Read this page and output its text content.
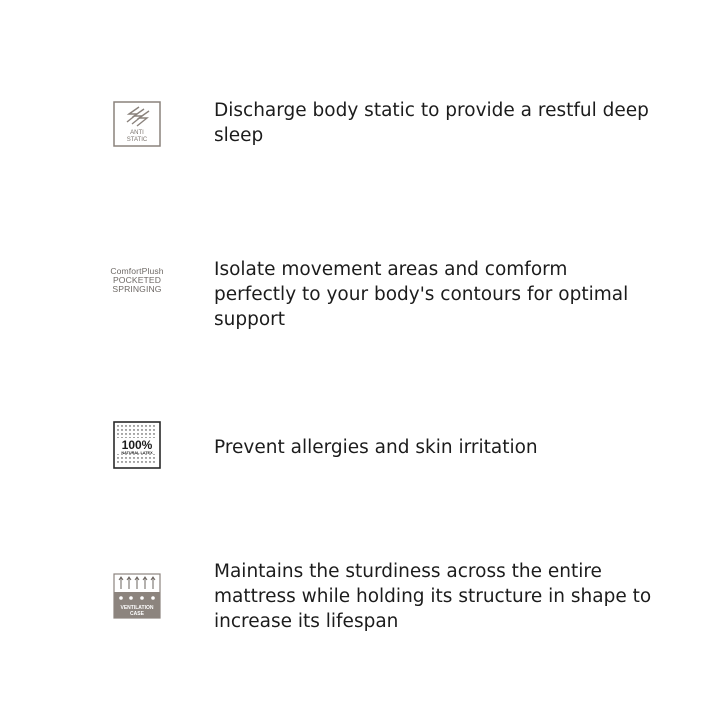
ANTI
STATIC
Discharge body static to provide a restful deep sleep
ComfortPlush
POCKETED
SPRINGING
Isolate movement areas and comform perfectly to your body's contours for optimal support
100%
NATURAL LATEX	Prevent allergies and skin irritation
VENTILATION
CASE
Maintains the sturdiness across the entire mattress while holding its structure in shape to increase its lifespan
